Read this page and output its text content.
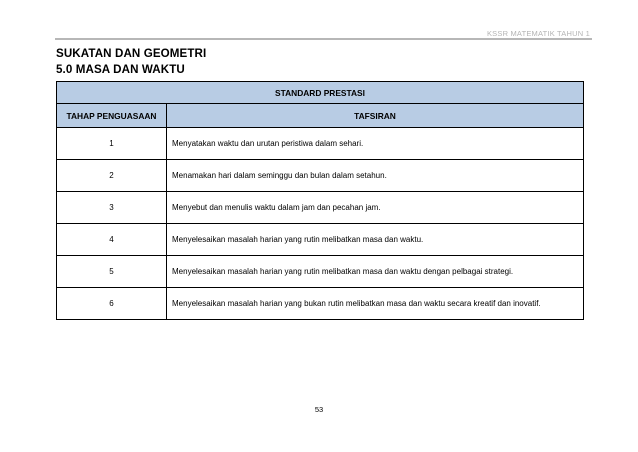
KSSR MATEMATIK TAHUN 1
SUKATAN DAN GEOMETRI
5.0 MASA DAN WAKTU
STANDARD PRESTASI	
TAHAP PENGUASAAN	TAFSIRAN
1	Menyatakan waktu dan urutan peristiwa dalam sehari.
2	Menamakan hari dalam seminggu dan bulan dalam setahun.
3	Menyebut dan menulis waktu dalam jam dan pecahan jam.
4	Menyelesaikan masalah harian yang rutin melibatkan masa dan waktu.
5	Menyelesaikan masalah harian yang rutin melibatkan masa dan waktu dengan pelbagai strategi.
6	Menyelesaikan masalah harian yang bukan rutin melibatkan masa dan waktu secara kreatif dan inovatif.
53
